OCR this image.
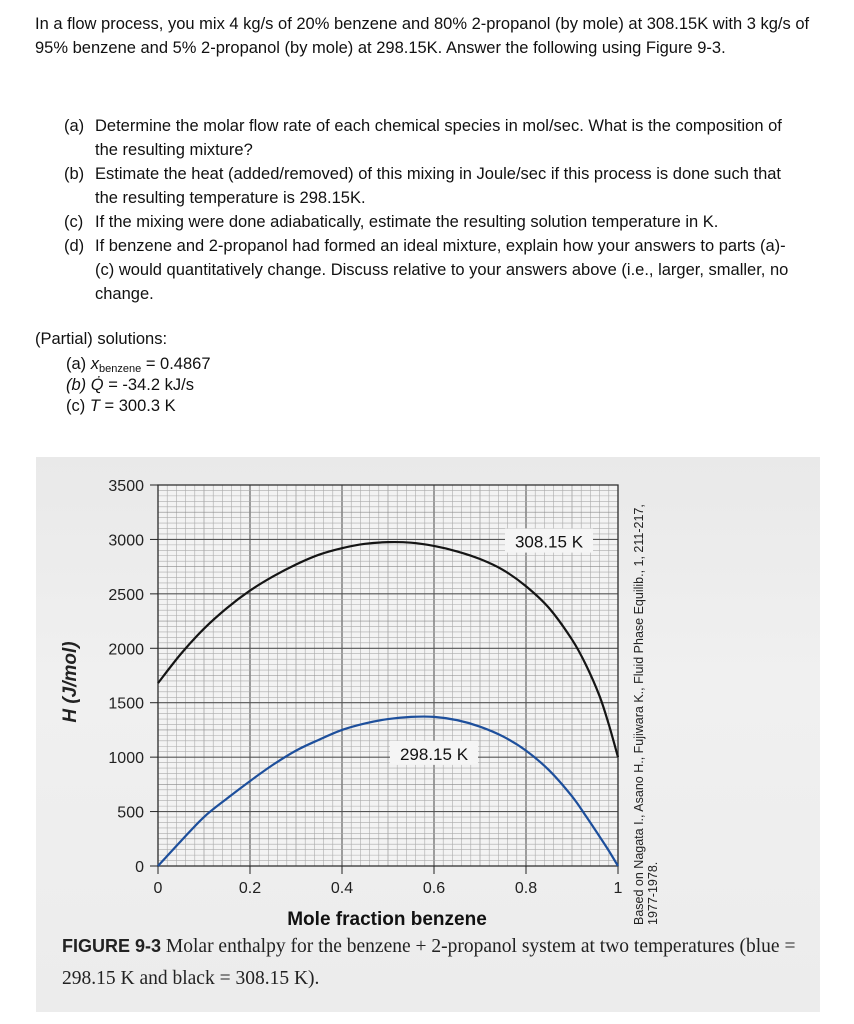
In a flow process, you mix 4 kg/s of 20% benzene and 80% 2-propanol (by mole) at 308.15K with 3 kg/s of 95% benzene and 5% 2-propanol (by mole) at 298.15K. Answer the following using Figure 9-3.
(a) Determine the molar flow rate of each chemical species in mol/sec. What is the composition of the resulting mixture?
(b) Estimate the heat (added/removed) of this mixing in Joule/sec if this process is done such that the resulting temperature is 298.15K.
(c) If the mixing were done adiabatically, estimate the resulting solution temperature in K.
(d) If benzene and 2-propanol had formed an ideal mixture, explain how your answers to parts (a)-(c) would quantitatively change. Discuss relative to your answers above (i.e., larger, smaller, no change.
(Partial) solutions:
(a) xbenzene = 0.4867
(b) Q̇ = -34.2 kJ/s
(c) T = 300.3 K
0
500
1000
1500
2000
2500
3000
3500
0	0.2	0.4	0.6	0.8	1
308.15 K
298.15 K
1977-1978.
H (J/mol)
Mole fraction benzene	Based on Nagata I., Asano H., Fujiwara K., Fluid Phase Equilib., 1, 211-217,
FIGURE 9-3 Molar enthalpy for the benzene + 2-propanol system at two temperatures (blue = 298.15 K and black = 308.15 K).
